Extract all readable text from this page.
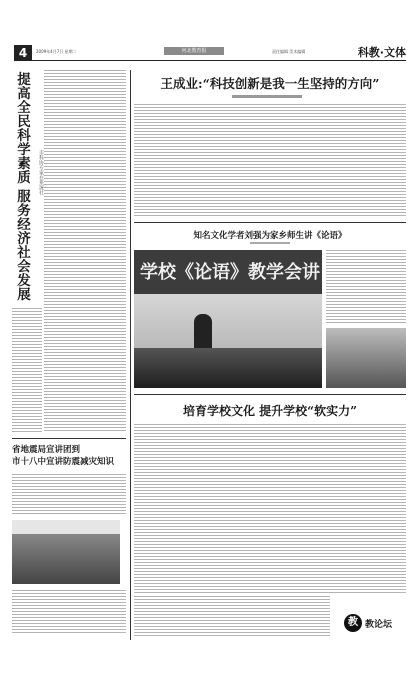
4	2009年4月7日 星期二	河北教育报	责任编辑 美术编辑	科教·文体
提高全民科学素质 服务经济社会发展	市科协专家在系统社
王成业:“科技创新是我一生坚持的方向”
知名文化学者刘强为家乡师生讲《论语》
学校《论语》教学会讲
培育学校文化 提升学校“软实力”
省地震局宣讲团到
市十八中宣讲防震减灾知识
教 教论坛
